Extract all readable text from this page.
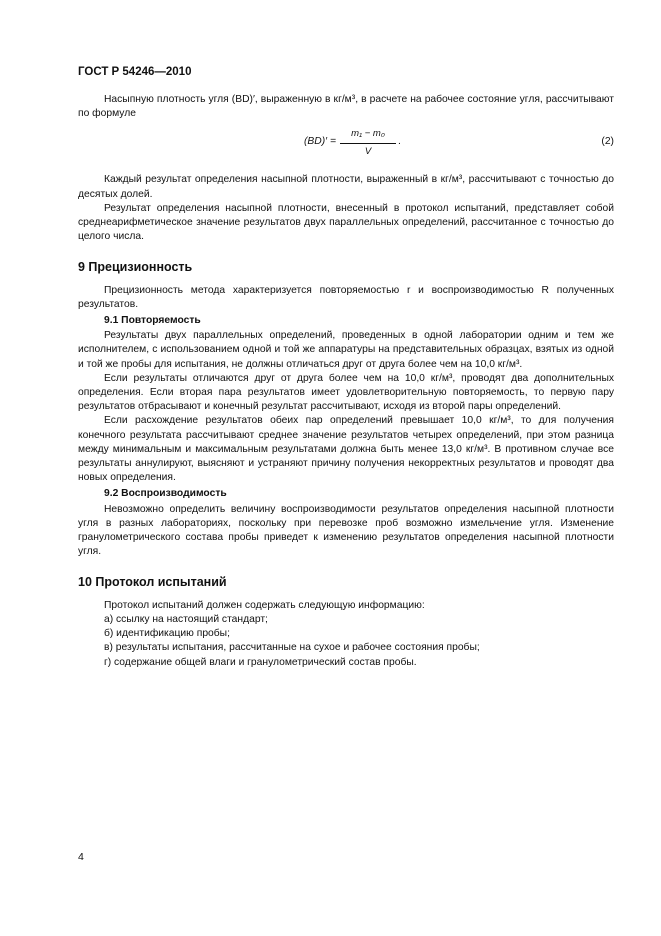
ГОСТ Р 54246—2010

Насыпную плотность угля (BD)′, выраженную в кг/м³, в расчете на рабочее состояние угля, рассчитывают по формуле

$(BD)' = \frac{\text{m₁ − m₀}}{V}$ .	(2)

Каждый результат определения насыпной плотности, выраженный в кг/м³, рассчитывают с точностью до десятых долей.

Результат определения насыпной плотности, внесенный в протокол испытаний, представляет собой среднеарифметическое значение результатов двух параллельных определений, рассчитанное с точностью до целого числа.

9 Прецизионность

Прецизионность метода характеризуется повторяемостью r и воспроизводимостью R полученных результатов.

9.1 Повторяемость

Результаты двух параллельных определений, проведенных в одной лаборатории одним и тем же исполнителем, с использованием одной и той же аппаратуры на представительных образцах, взятых из одной и той же пробы для испытания, не должны отличаться друг от друга более чем на 10,0 кг/м³.

Если результаты отличаются друг от друга более чем на 10,0 кг/м³, проводят два дополнительных определения. Если вторая пара результатов имеет удовлетворительную повторяемость, то первую пару результатов отбрасывают и конечный результат рассчитывают, исходя из второй пары определений.

Если расхождение результатов обеих пар определений превышает 10,0 кг/м³, то для получения конечного результата рассчитывают среднее значение результатов четырех определений, при этом разница между минимальным и максимальным результатами должна быть менее 13,0 кг/м³. В противном случае все результаты аннулируют, выясняют и устраняют причину получения некорректных результатов и проводят два новых определения.

9.2 Воспроизводимость

Невозможно определить величину воспроизводимости результатов определения насыпной плотности угля в разных лабораториях, поскольку при перевозке проб возможно измельчение угля. Изменение гранулометрического состава пробы приведет к изменению результатов определения насыпной плотности угля.

10 Протокол испытаний

Протокол испытаний должен содержать следующую информацию:

а) ссылку на настоящий стандарт;
б) идентификацию пробы;
в) результаты испытания, рассчитанные на сухое и рабочее состояния пробы;
г) содержание общей влаги и гранулометрический состав пробы.
4
